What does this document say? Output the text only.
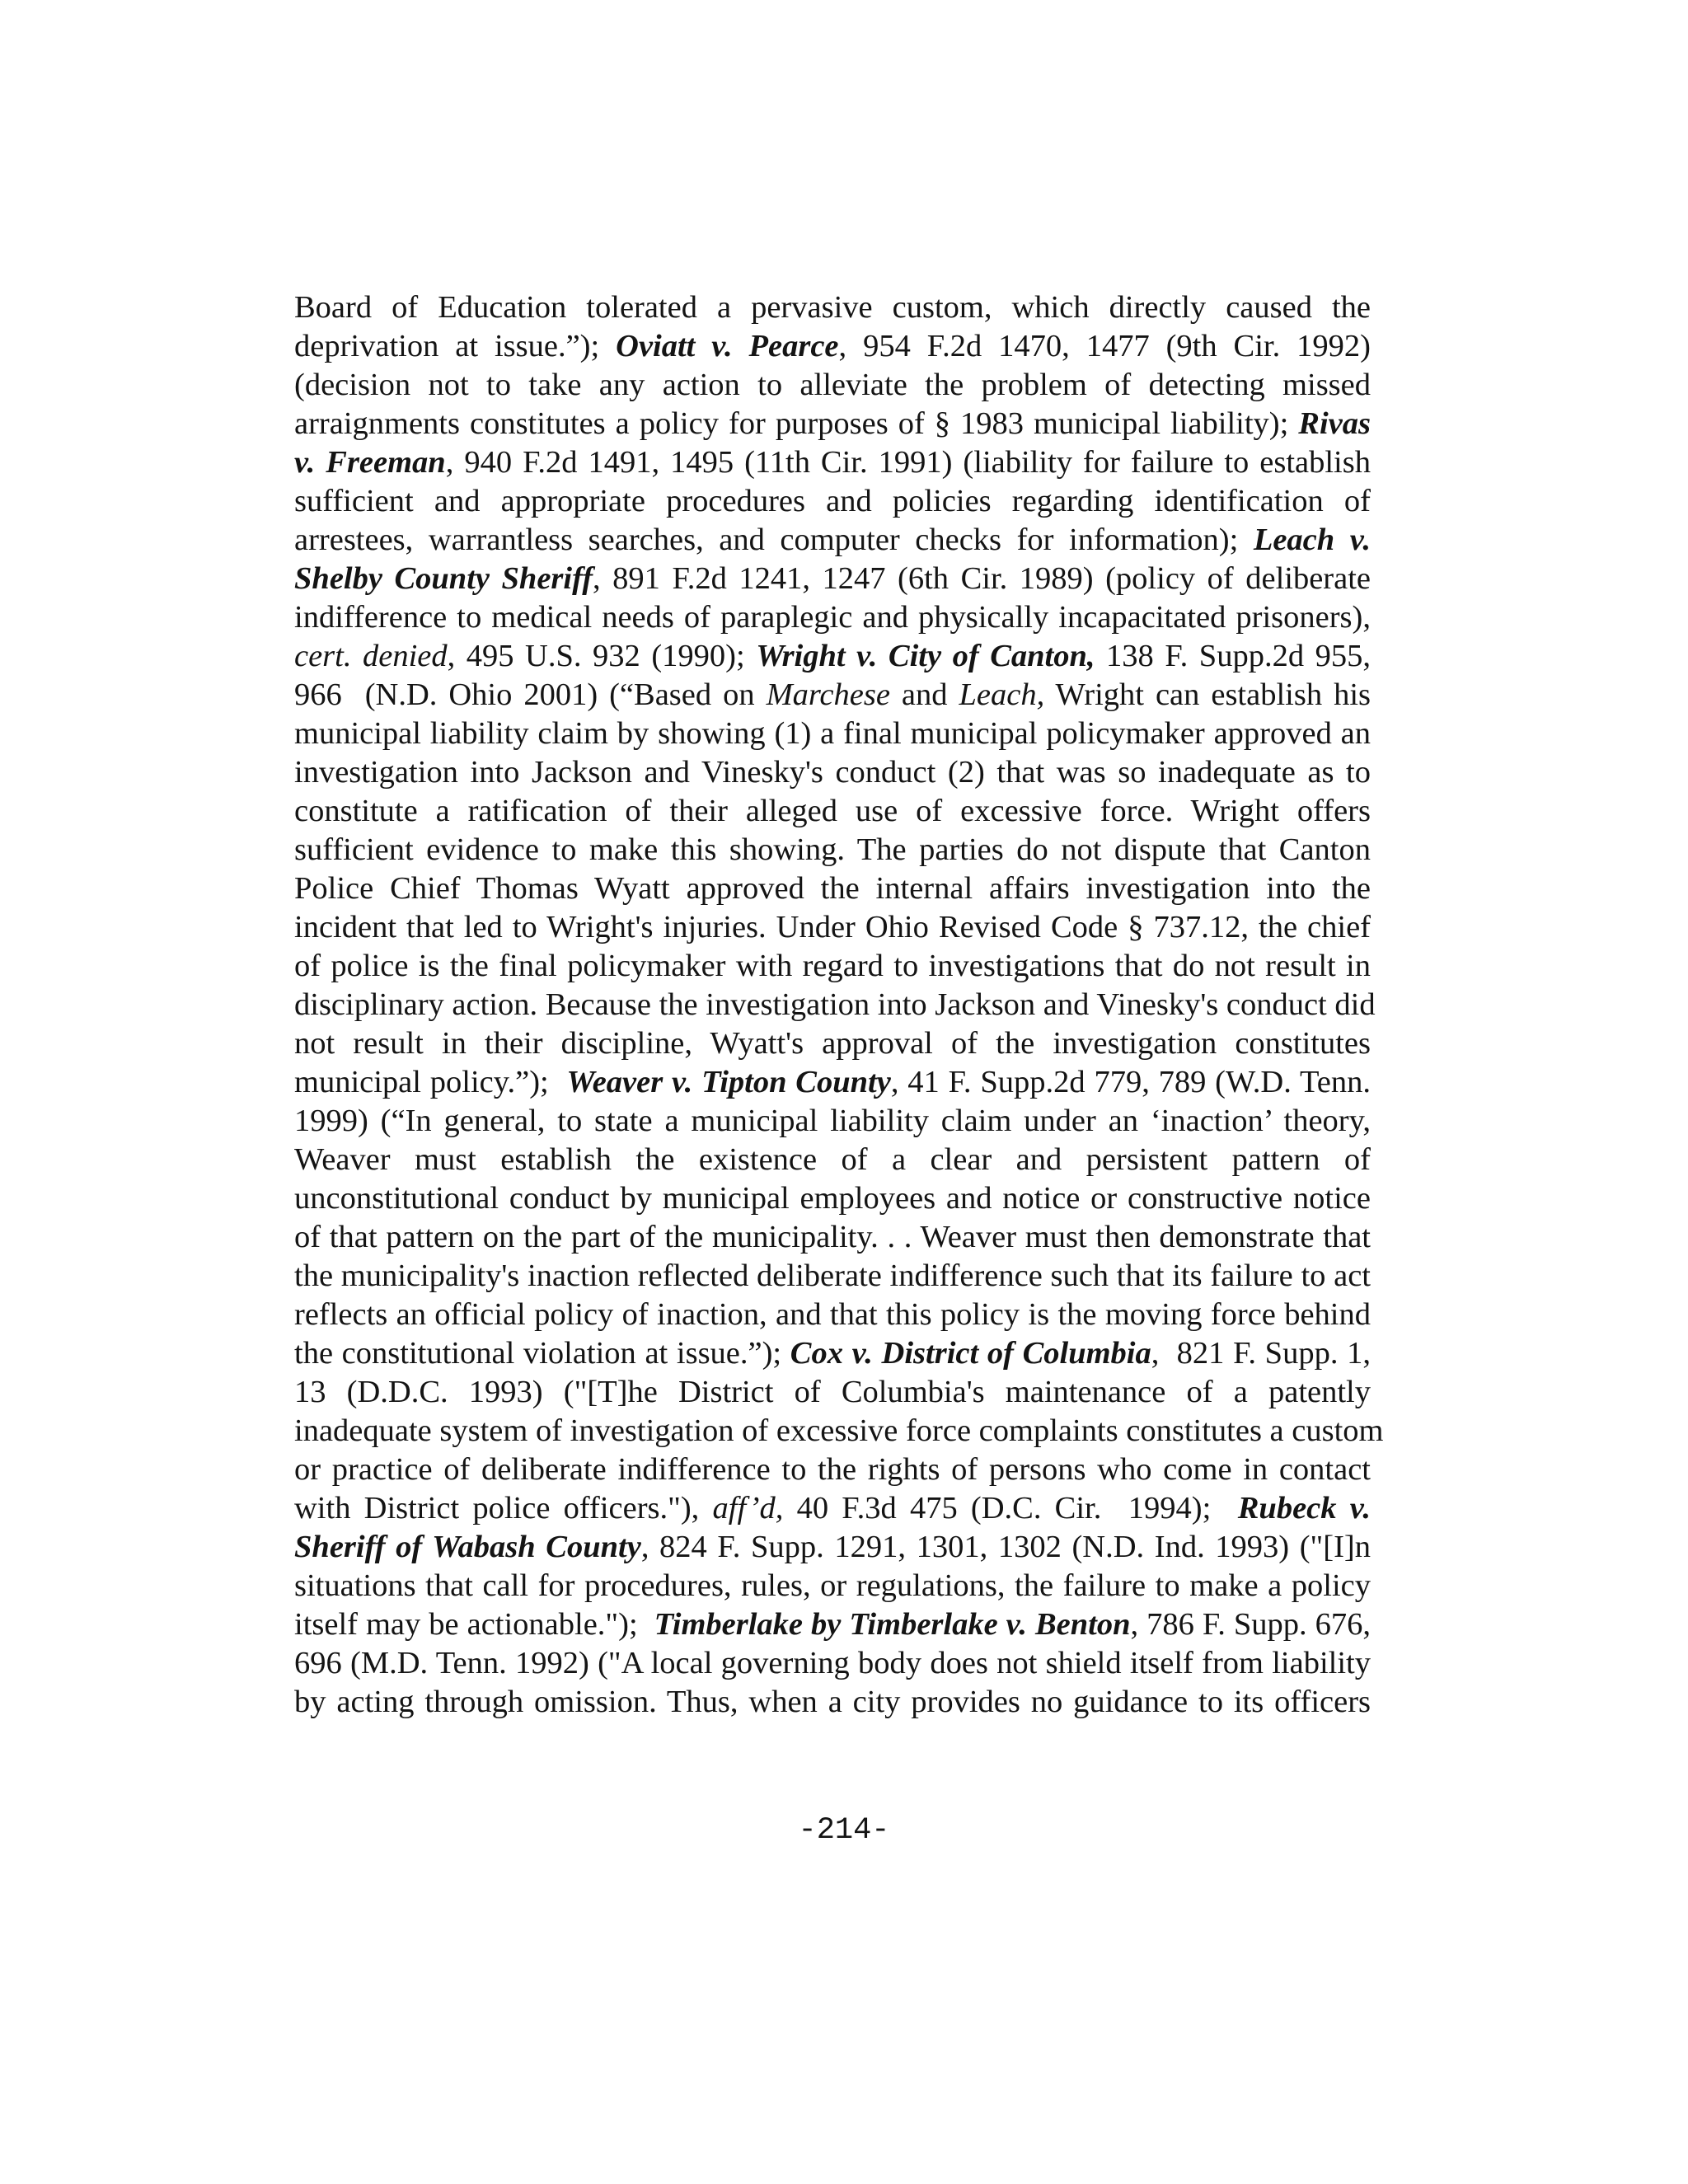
Board of Education tolerated a pervasive custom, which directly caused the
deprivation at issue.”); Oviatt v. Pearce, 954 F.2d 1470, 1477 (9th Cir. 1992)
(decision not to take any action to alleviate the problem of detecting missed
arraignments constitutes a policy for purposes of § 1983 municipal liability); Rivas
v. Freeman, 940 F.2d 1491, 1495 (11th Cir. 1991) (liability for failure to establish
sufficient and appropriate procedures and policies regarding identification of
arrestees, warrantless searches, and computer checks for information); Leach v.
Shelby County Sheriff, 891 F.2d 1241, 1247 (6th Cir. 1989) (policy of deliberate
indifference to medical needs of paraplegic and physically incapacitated prisoners),
cert. denied, 495 U.S. 932 (1990); Wright v. City of Canton, 138 F. Supp.2d 955,
966  (N.D. Ohio 2001) (“Based on Marchese and Leach, Wright can establish his
municipal liability claim by showing (1) a final municipal policymaker approved an
investigation into Jackson and Vinesky's conduct (2) that was so inadequate as to
constitute a ratification of their alleged use of excessive force. Wright offers
sufficient evidence to make this showing. The parties do not dispute that Canton
Police Chief Thomas Wyatt approved the internal affairs investigation into the
incident that led to Wright's injuries. Under Ohio Revised Code § 737.12, the chief
of police is the final policymaker with regard to investigations that do not result in
disciplinary action. Because the investigation into Jackson and Vinesky's conduct did
not result in their discipline, Wyatt's approval of the investigation constitutes
municipal policy.”);  Weaver v. Tipton County, 41 F. Supp.2d 779, 789 (W.D. Tenn.
1999) (“In general, to state a municipal liability claim under an ‘inaction’ theory,
Weaver must establish the existence of a clear and persistent pattern of
unconstitutional conduct by municipal employees and notice or constructive notice
of that pattern on the part of the municipality. . . Weaver must then demonstrate that
the municipality's inaction reflected deliberate indifference such that its failure to act
reflects an official policy of inaction, and that this policy is the moving force behind
the constitutional violation at issue.”); Cox v. District of Columbia,  821 F. Supp. 1,
13 (D.D.C. 1993) ("[T]he District of Columbia's maintenance of a patently
inadequate system of investigation of excessive force complaints constitutes a custom
or practice of deliberate indifference to the rights of persons who come in contact
with District police officers."), aff’d, 40 F.3d 475 (D.C. Cir.  1994);  Rubeck v.
Sheriff of Wabash County, 824 F. Supp. 1291, 1301, 1302 (N.D. Ind. 1993) ("[I]n
situations that call for procedures, rules, or regulations, the failure to make a policy
itself may be actionable.");  Timberlake by Timberlake v. Benton, 786 F. Supp. 676,
696 (M.D. Tenn. 1992) ("A local governing body does not shield itself from liability
by acting through omission. Thus, when a city provides no guidance to its officers
-214-
